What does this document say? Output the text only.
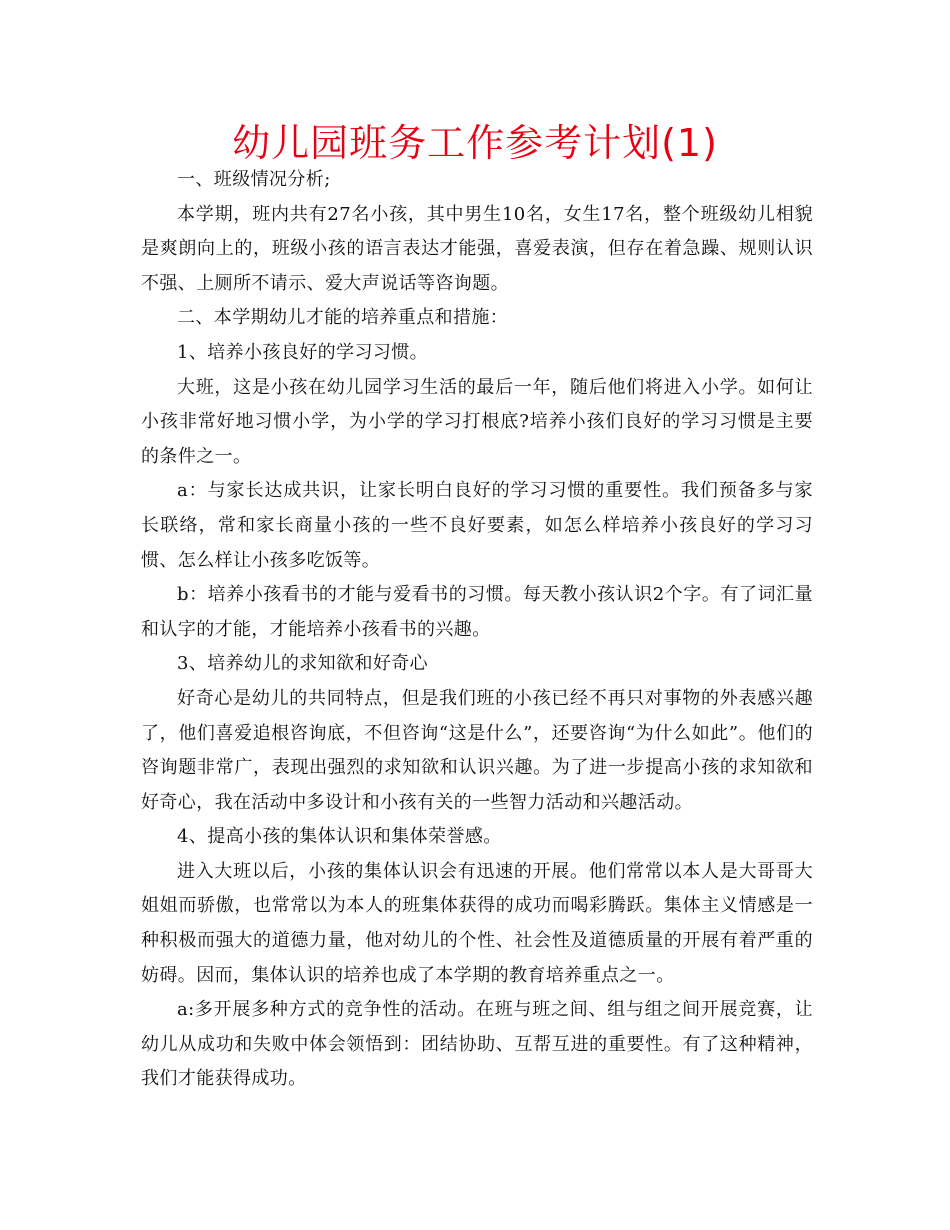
幼儿园班务工作参考计划(1)

一、班级情况分析;

本学期，班内共有27名小孩，其中男生10名，女生17名，整个班级幼儿相貌是爽朗向上的，班级小孩的语言表达才能强，喜爱表演，但存在着急躁、规则认识不强、上厕所不请示、爱大声说话等咨询题。

二、本学期幼儿才能的培养重点和措施：

1、培养小孩良好的学习习惯。

大班，这是小孩在幼儿园学习生活的最后一年，随后他们将进入小学。如何让小孩非常好地习惯小学，为小学的学习打根底?培养小孩们良好的学习习惯是主要的条件之一。

a：与家长达成共识，让家长明白良好的学习习惯的重要性。我们预备多与家长联络，常和家长商量小孩的一些不良好要素，如怎么样培养小孩良好的学习习惯、怎么样让小孩多吃饭等。

b：培养小孩看书的才能与爱看书的习惯。每天教小孩认识2个字。有了词汇量和认字的才能，才能培养小孩看书的兴趣。

3、培养幼儿的求知欲和好奇心

好奇心是幼儿的共同特点，但是我们班的小孩已经不再只对事物的外表感兴趣了，他们喜爱追根咨询底，不但咨询“这是什么”，还要咨询“为什么如此”。他们的咨询题非常广，表现出强烈的求知欲和认识兴趣。为了进一步提高小孩的求知欲和好奇心，我在活动中多设计和小孩有关的一些智力活动和兴趣活动。

4、提高小孩的集体认识和集体荣誉感。

进入大班以后，小孩的集体认识会有迅速的开展。他们常常以本人是大哥哥大姐姐而骄傲，也常常以为本人的班集体获得的成功而喝彩腾跃。集体主义情感是一种积极而强大的道德力量，他对幼儿的个性、社会性及道德质量的开展有着严重的妨碍。因而，集体认识的培养也成了本学期的教育培养重点之一。

a:多开展多种方式的竞争性的活动。在班与班之间、组与组之间开展竞赛，让幼儿从成功和失败中体会领悟到：团结协助、互帮互进的重要性。有了这种精神，我们才能获得成功。
